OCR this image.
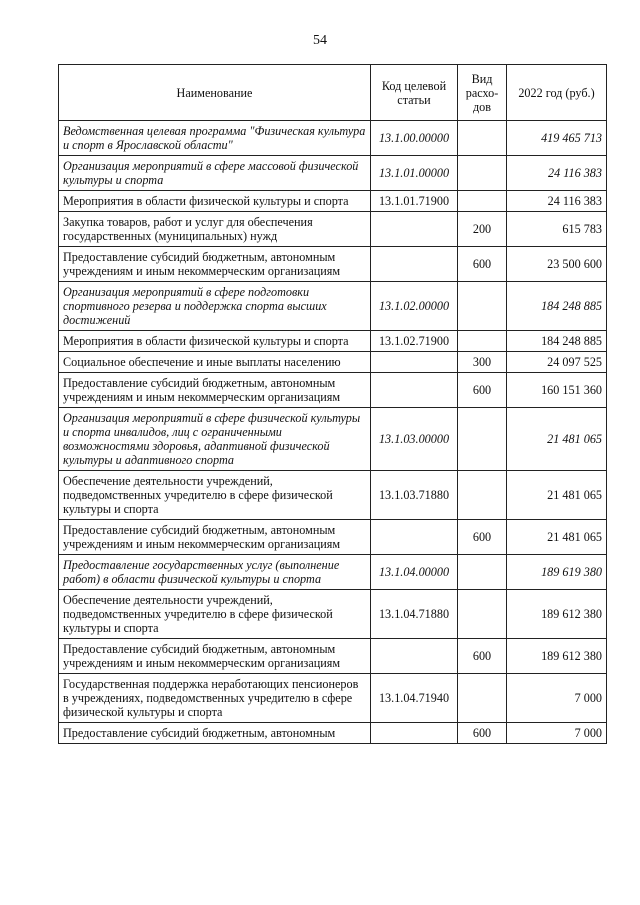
54
Наименование	Код целевой статьи	Вид расхо-дов	2022 год (руб.)
Ведомственная целевая программа "Физическая культура и спорт в Ярославской области"	13.1.00.00000		419 465 713
Организация мероприятий в сфере массовой физической культуры и спорта	13.1.01.00000		24 116 383
Мероприятия в области физической культуры и спорта	13.1.01.71900		24 116 383
Закупка товаров, работ и услуг для обеспечения государственных (муниципальных) нужд		200	615 783
Предоставление субсидий бюджетным, автономным учреждениям и иным некоммерческим организациям		600	23 500 600
Организация мероприятий в сфере подготовки спортивного резерва и поддержка спорта высших достижений	13.1.02.00000		184 248 885
Мероприятия в области физической культуры и спорта	13.1.02.71900		184 248 885
Социальное обеспечение и иные выплаты населению		300	24 097 525
Предоставление субсидий бюджетным, автономным учреждениям и иным некоммерческим организациям		600	160 151 360
Организация мероприятий в сфере физической культуры и спорта инвалидов, лиц с ограниченными возможностями здоровья, адаптивной физической культуры и адаптивного спорта	13.1.03.00000		21 481 065
Обеспечение деятельности учреждений, подведомственных учредителю в сфере физической культуры и спорта	13.1.03.71880		21 481 065
Предоставление субсидий бюджетным, автономным учреждениям и иным некоммерческим организациям		600	21 481 065
Предоставление государственных услуг (выполнение работ) в области физической культуры и спорта	13.1.04.00000		189 619 380
Обеспечение деятельности учреждений, подведомственных учредителю в сфере физической культуры и спорта	13.1.04.71880		189 612 380
Предоставление субсидий бюджетным, автономным учреждениям и иным некоммерческим организациям		600	189 612 380
Государственная поддержка неработающих пенсионеров в учреждениях, подведомственных учредителю в сфере физической культуры и спорта	13.1.04.71940		7 000
Предоставление субсидий бюджетным, автономным		600	7 000
